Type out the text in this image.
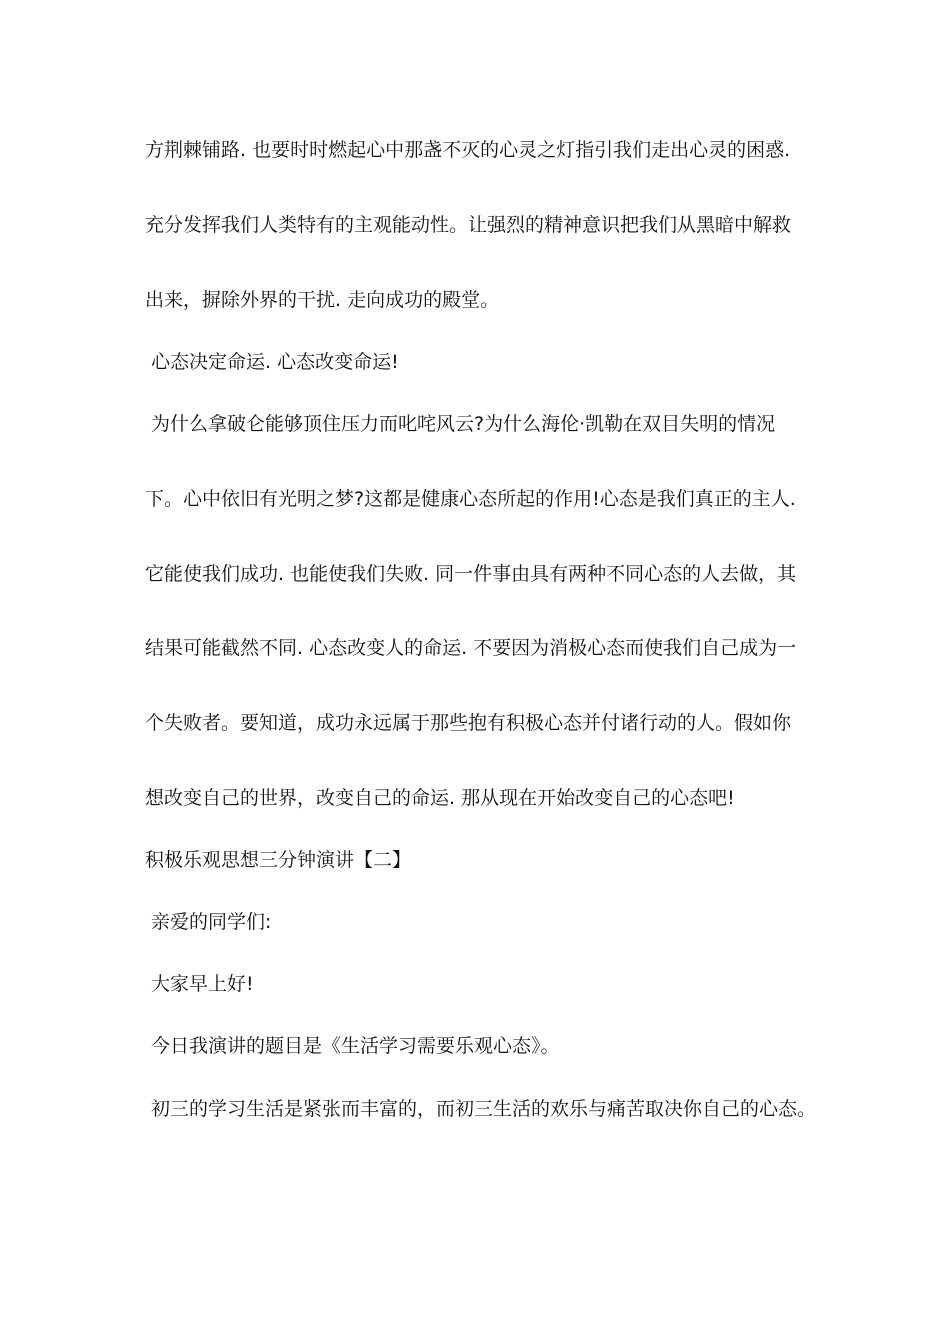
方荆棘铺路. 也要时时燃起心中那盏不灭的心灵之灯指引我们走出心灵的困惑.
充分发挥我们人类特有的主观能动性。让强烈的精神意识把我们从黑暗中解救
出来，摒除外界的干扰. 走向成功的殿堂。
心态决定命运. 心态改变命运!
为什么拿破仑能够顶住压力而叱咤风云?为什么海伦·凯勒在双目失明的情况
下。心中依旧有光明之梦?这都是健康心态所起的作用!心态是我们真正的主人.
它能使我们成功. 也能使我们失败. 同一件事由具有两种不同心态的人去做，其
结果可能截然不同. 心态改变人的命运. 不要因为消极心态而使我们自己成为一
个失败者。要知道，成功永远属于那些抱有积极心态并付诸行动的人。假如你
想改变自己的世界，改变自己的命运. 那从现在开始改变自己的心态吧!
积极乐观思想三分钟演讲【二】
亲爱的同学们:
大家早上好!
今日我演讲的题目是《生活学习需要乐观心态》。
初三的学习生活是紧张而丰富的，而初三生活的欢乐与痛苦取决你自己的心态。
